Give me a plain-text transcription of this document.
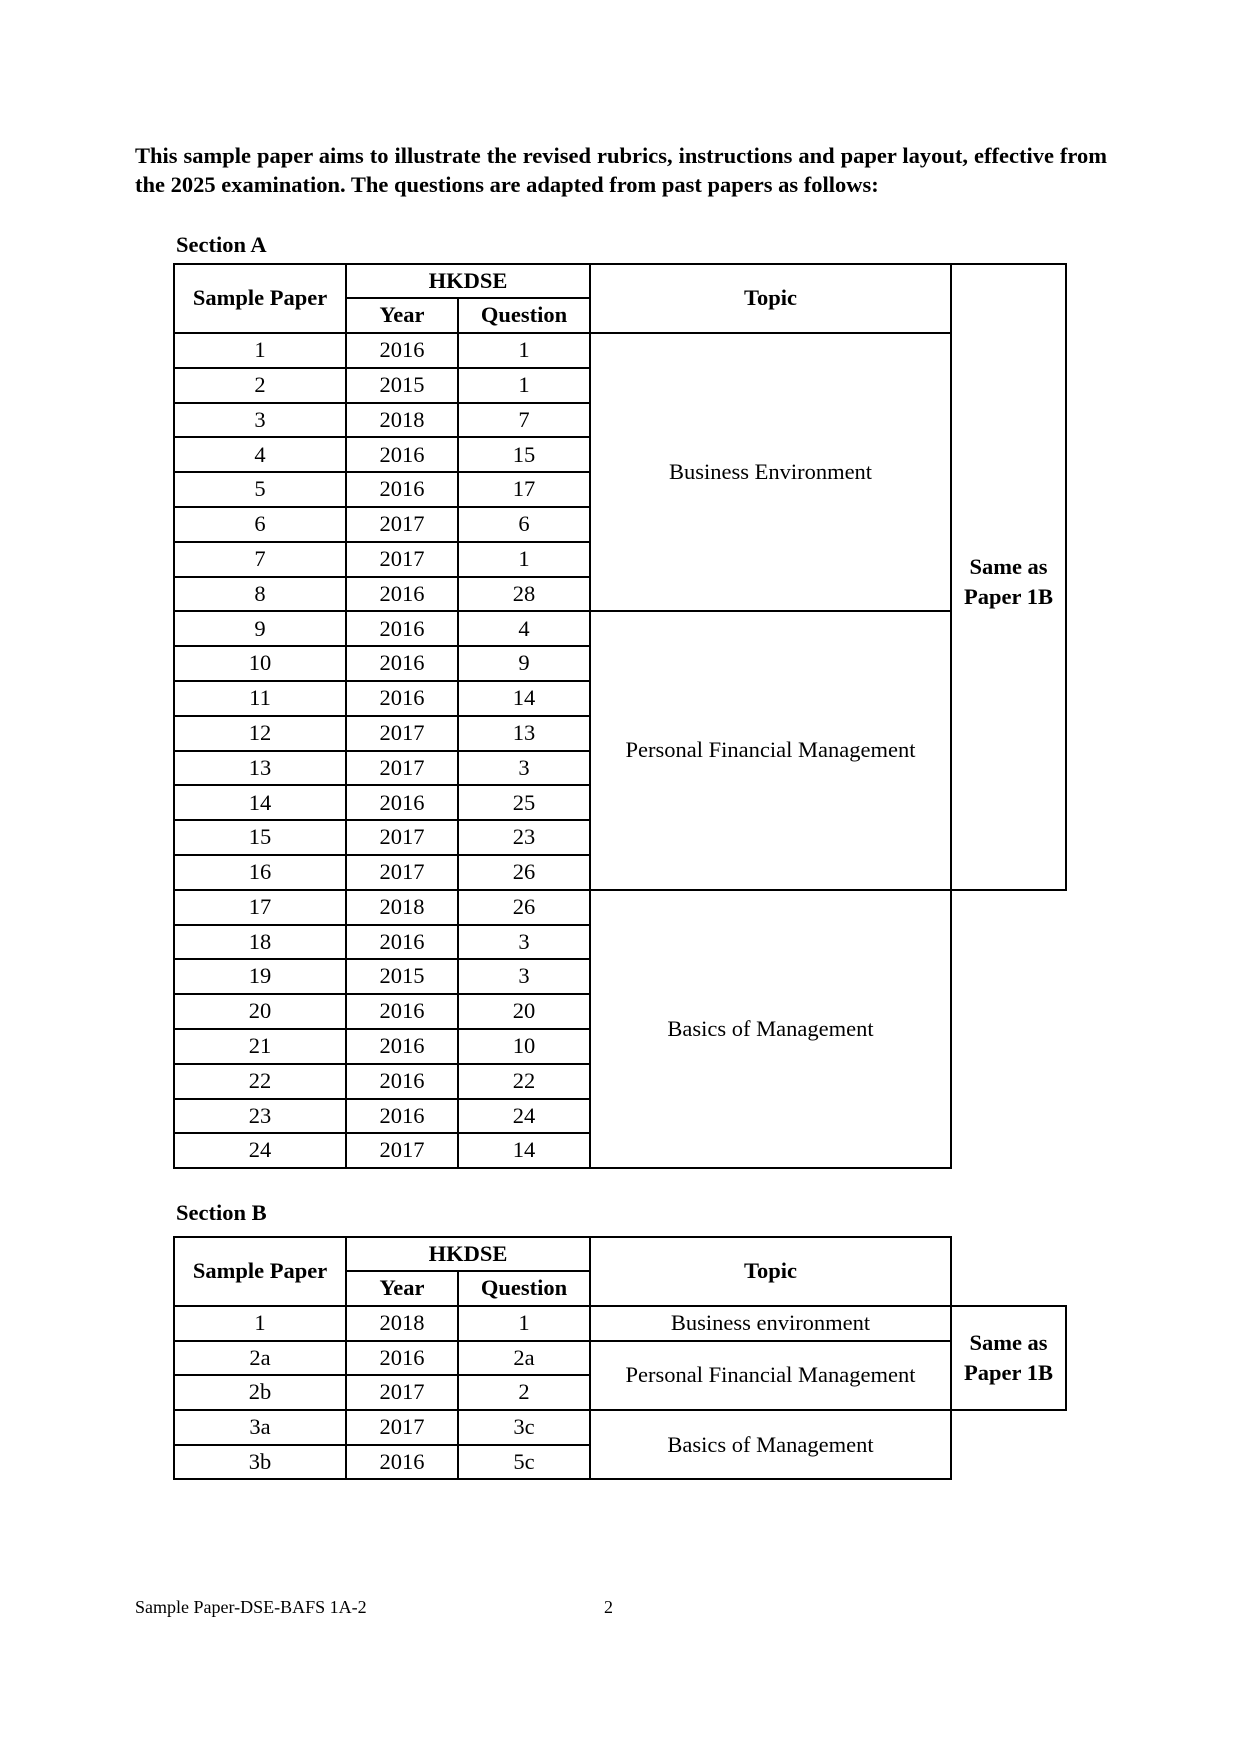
This sample paper aims to illustrate the revised rubrics, instructions and paper layout, effective from the 2025 examination. The questions are adapted from past papers as follows:

Section A
Sample Paper	HKDSE		Topic	Same as
Paper 1B
	Year	Question		
1	2016	1	Business Environment	
2	2015	1		
3	2018	7		
4	2016	15		
5	2016	17		
6	2017	6		
7	2017	1		
8	2016	28		
9	2016	4	Personal Financial Management	
10	2016	9		
11	2016	14		
12	2017	13		
13	2017	3		
14	2016	25		
15	2017	23		
16	2017	26		
17	2018	26	Basics of Management	
18	2016	3		
19	2015	3		
20	2016	20		
21	2016	10		
22	2016	22		
23	2016	24		
24	2017	14		
Section B
Sample Paper	HKDSE		Topic	
	Year	Question		
1	2018	1	Business environment	Same as
Paper 1B
2a	2016	2a	Personal Financial Management	
2b	2017	2		
3a	2017	3c	Basics of Management	
3b	2016	5c		
Sample Paper-DSE-BAFS 1A-2	2
